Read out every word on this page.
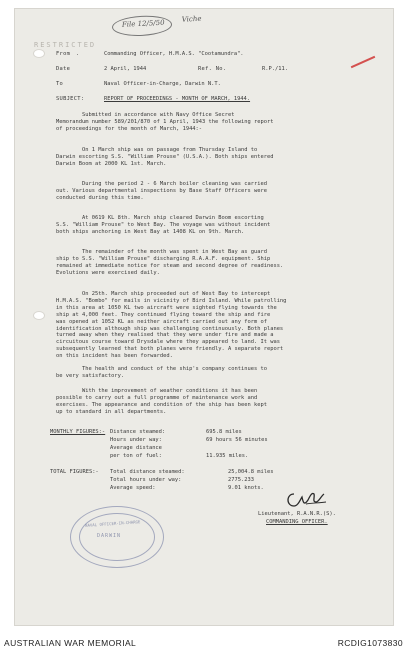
File 12/5/50 Viche
RESTRICTED
From .	Commanding Officer, H.M.A.S. "Cootamundra".
Date	2 April, 1944	Ref. No.	R.P./11.
To	Naval Officer-in-Charge, Darwin N.T.
SUBJECT:	REPORT OF PROCEEDINGS - MONTH OF MARCH, 1944.
Submitted in accordance with Navy Office Secret
Memorandum number 589/201/870 of 1 April, 1943 the following report
of proceedings for the month of March, 1944:-
On 1 March ship was on passage from Thursday Island to
Darwin escorting S.S. "William Prouse" (U.S.A.). Both ships entered
Darwin Boom at 2000 KL 1st. March.
During the period 2 - 6 March boiler cleaning was carried
out. Various departmental inspections by Base Staff Officers were
conducted during this time.
At 0619 KL 8th. March ship cleared Darwin Boom escorting
S.S. "William Prouse" to West Bay. The voyage was without incident
both ships anchoring in West Bay at 1408 KL on 9th. March.
The remainder of the month was spent in West Bay as guard
ship to S.S. "William Prouse" discharging R.A.A.F. equipment. Ship
remained at immediate notice for steam and second degree of readiness.
Evolutions were exercised daily.
On 25th. March ship proceeded out of West Bay to intercept
H.M.A.S. "Bombo" for mails in vicinity of Bird Island. While patrolling
in this area at 1050 KL two aircraft were sighted flying towards the
ship at 4,000 feet. They continued flying toward the ship and fire
was opened at 1052 KL as neither aircraft carried out any form of
identification although ship was challenging continuously. Both planes
turned away when they realised that they were under fire and made a
circuitous course toward Drysdale where they appeared to land. It was
subsequently learned that both planes were friendly. A separate report
on this incident has been forwarded.
The health and conduct of the ship's company continues to
be very satisfactory.
With the improvement of weather conditions it has been
possible to carry out a full programme of maintenance work and
exercises. The appearance and condition of the ship has been kept
up to standard in all departments.
MONTHLY FIGURES:- Distance steamed:	695.8 miles
Hours under way:	69 hours 56 minutes
Average distance
per ton of fuel:	11.935 miles.
TOTAL FIGURES:- Total distance steamed:	25,004.8 miles
Total hours under way:	2775.233
Average speed:	9.01 knots.
Lieutenant, R.A.N.R.(S).
COMMANDING OFFICER.
NAVAL OFFICER-IN-CHARGE
DARWIN
AUSTRALIAN WAR MEMORIAL	RCDIG1073830
